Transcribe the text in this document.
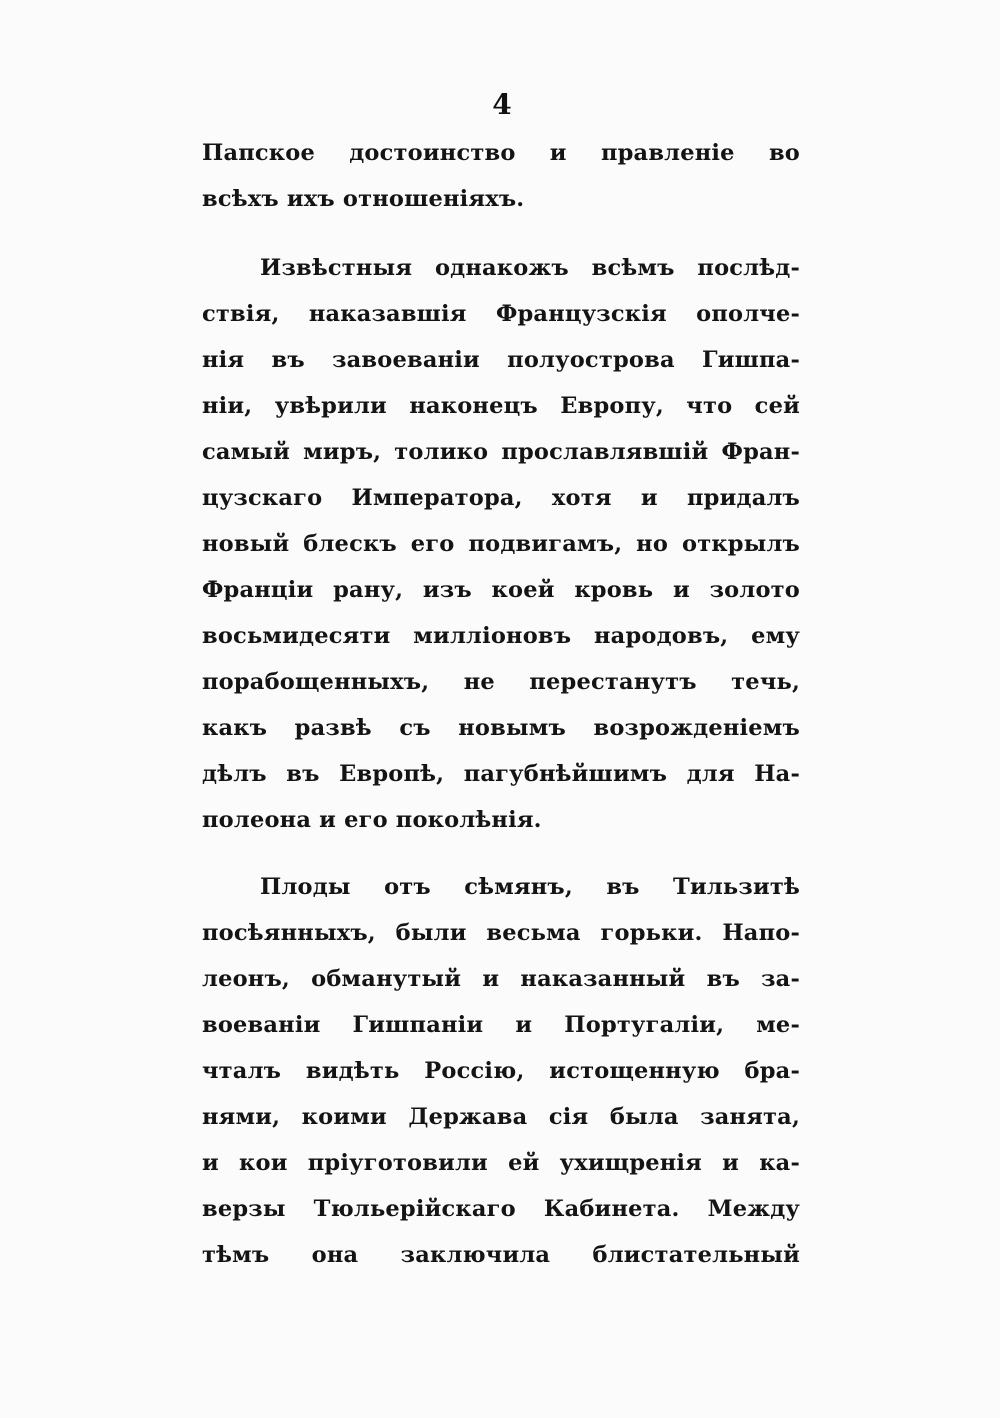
4
Папское достоинство и правленіе во
всѣхъ ихъ отношеніяхъ.
Извѣстныя однакожъ всѣмъ послѣд-
ствія, наказавшія Французскія ополче-
нія въ завоеваніи полуострова Гишпа-
ніи, увѣрили наконецъ Европу, что сей
самый миръ, толико прославлявшій Фран-
цузскаго Императора, хотя и придалъ
новый блескъ его подвигамъ, но открылъ
Франціи рану, изъ коей кровь и золото
восьмидесяти милліоновъ народовъ, ему
порабощенныхъ, не перестанутъ течь,
какъ развѣ съ новымъ возрожденіемъ
дѣлъ въ Европѣ, пагубнѣйшимъ для На-
полеона и его поколѣнія.
Плоды отъ сѣмянъ, въ Тильзитѣ
посѣянныхъ, были весьма горьки. Напо-
леонъ, обманутый и наказанный въ за-
воеваніи Гишпаніи и Португаліи, ме-
чталъ видѣть Россію, истощенную бра-
нями, коими Держава сія была занята,
и кои пріуготовили ей ухищренія и ка-
верзы Тюльерійскаго Кабинета. Между
тѣмъ она заключила блистательный
